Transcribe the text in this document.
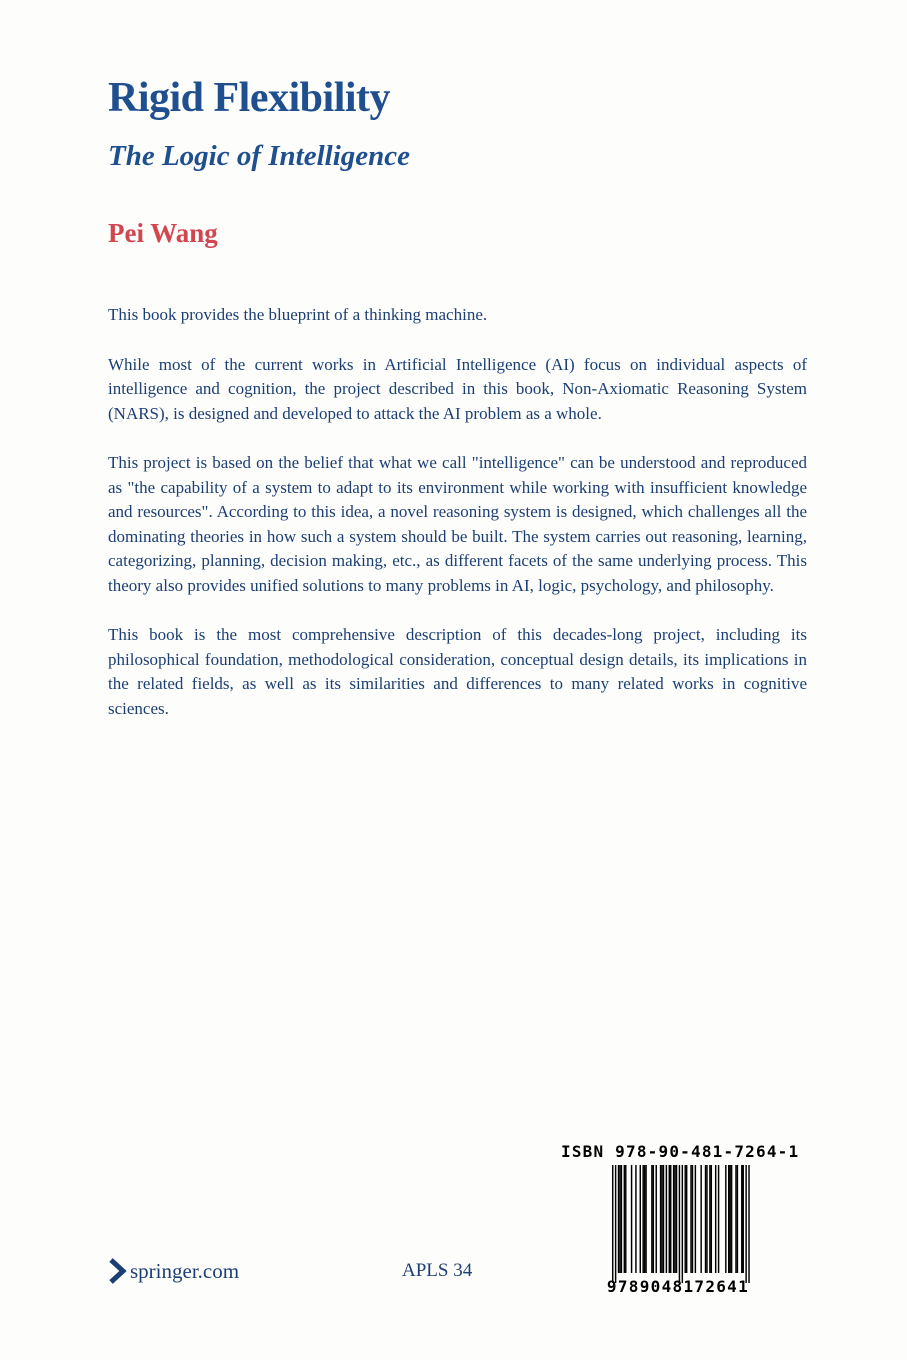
Rigid Flexibility
The Logic of Intelligence
Pei Wang

This book provides the blueprint of a thinking machine.

While most of the current works in Artificial Intelligence (AI) focus on individual aspects of intelligence and cognition, the project described in this book, Non-Axiomatic Reasoning System (NARS), is designed and developed to attack the AI problem as a whole.

This project is based on the belief that what we call "intelligence" can be understood and reproduced as "the capability of a system to adapt to its environment while working with insufficient knowledge and resources". According to this idea, a novel reasoning system is designed, which challenges all the dominating theories in how such a system should be built. The system carries out reasoning, learning, categorizing, planning, decision making, etc., as different facets of the same underlying process. This theory also provides unified solutions to many problems in AI, logic, psychology, and philosophy.

This book is the most comprehensive description of this decades-long project, including its philosophical foundation, methodological consideration, conceptual design details, its implications in the related fields, as well as its similarities and differences to many related works in cognitive sciences.

ISBN 978-90-481-7264-1
9789048172641
springer.com	APLS 34
